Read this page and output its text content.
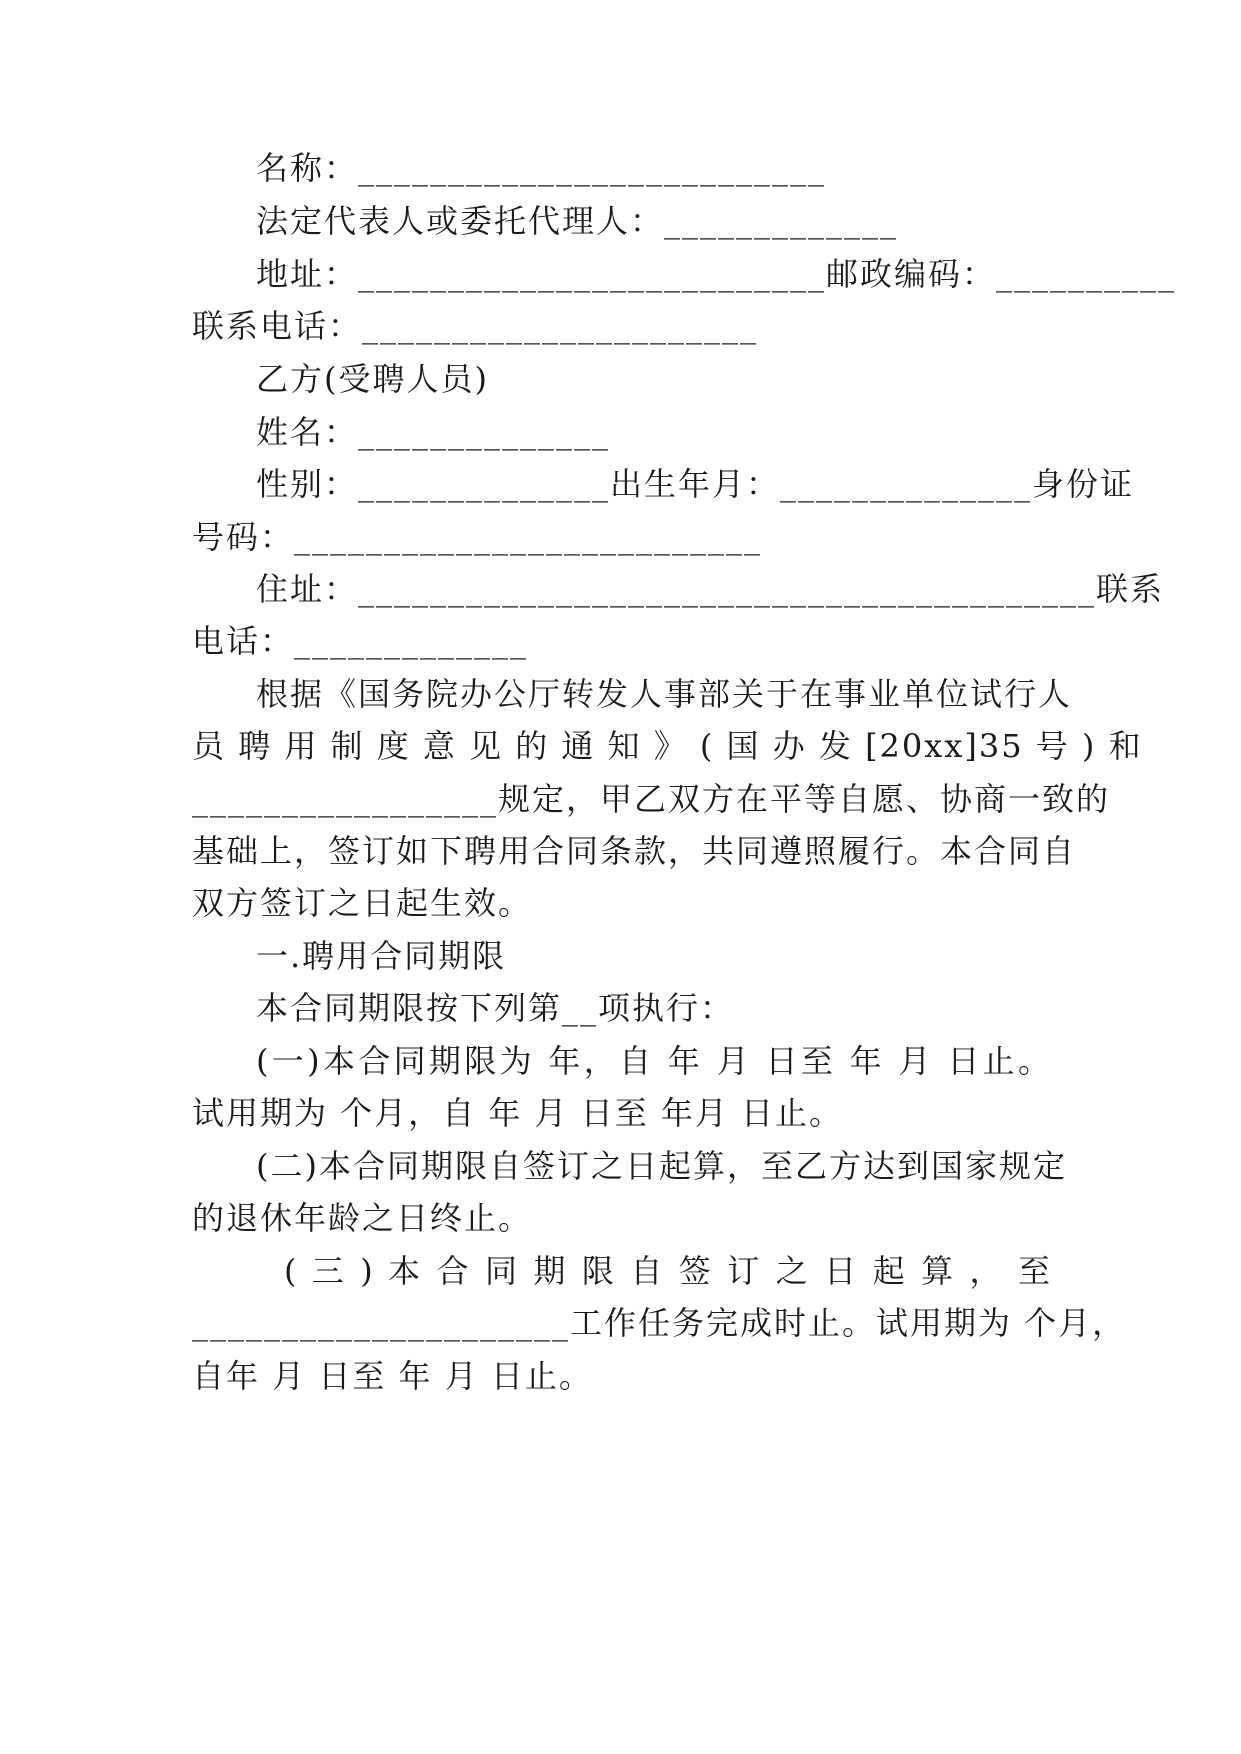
名称：__________________________
法定代表人或委托代理人：_____________
地址：__________________________邮政编码：__________
联系电话：______________________
乙方(受聘人员)
姓名：______________
性别：______________出生年月：______________身份证
号码：__________________________
住址：_________________________________________联系
电话：_____________
根据《国务院办公厅转发人事部关于在事业单位试行人
员 聘 用 制 度 意 见 的 通 知 》 ( 国 办 发 [20xx]35 号 ) 和
_________________规定，甲乙双方在平等自愿、协商一致的
基础上，签订如下聘用合同条款，共同遵照履行。本合同自
双方签订之日起生效。
一.聘用合同期限
本合同期限按下列第__项执行：
(一)本合同期限为 年，自 年 月 日至 年 月 日止。
试用期为 个月，自 年 月 日至 年月 日止。
(二)本合同期限自签订之日起算，至乙方达到国家规定
的退休年龄之日终止。
( 三 ) 本 合 同 期 限 自 签 订 之 日 起 算 ， 至
_____________________工作任务完成时止。试用期为 个月，
自年 月 日至 年 月 日止。
